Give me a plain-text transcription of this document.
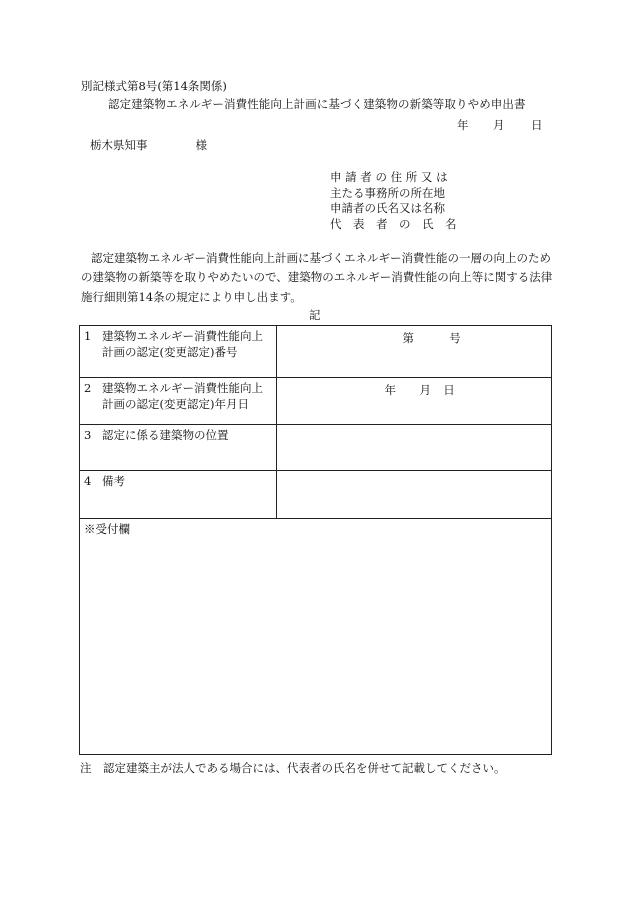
別記様式第8号(第14条関係)
認定建築物エネルギー消費性能向上計画に基づく建築物の新築等取りやめ申出書
年 月 日
栃木県知事	様
申 請 者 の 住 所 又 は
主たる事務所の所在地
申請者の氏名又は名称
代　表　者　の　氏　名
認定建築物エネルギー消費性能向上計画に基づくエネルギー消費性能の一層の向上のための建築物の新築等を取りやめたいので、建築物のエネルギー消費性能の向上等に関する法律施行細則第14条の規定により申し出ます。
記
1 建築物エネルギー消費性能向上計画の認定(変更認定)番号	第 号

2 建築物エネルギー消費性能向上計画の認定(変更認定)年月日	年 月 日

3 認定に係る建築物の位置	

4 備考	

※受付欄	
注　認定建築主が法人である場合には、代表者の氏名を併せて記載してください。
